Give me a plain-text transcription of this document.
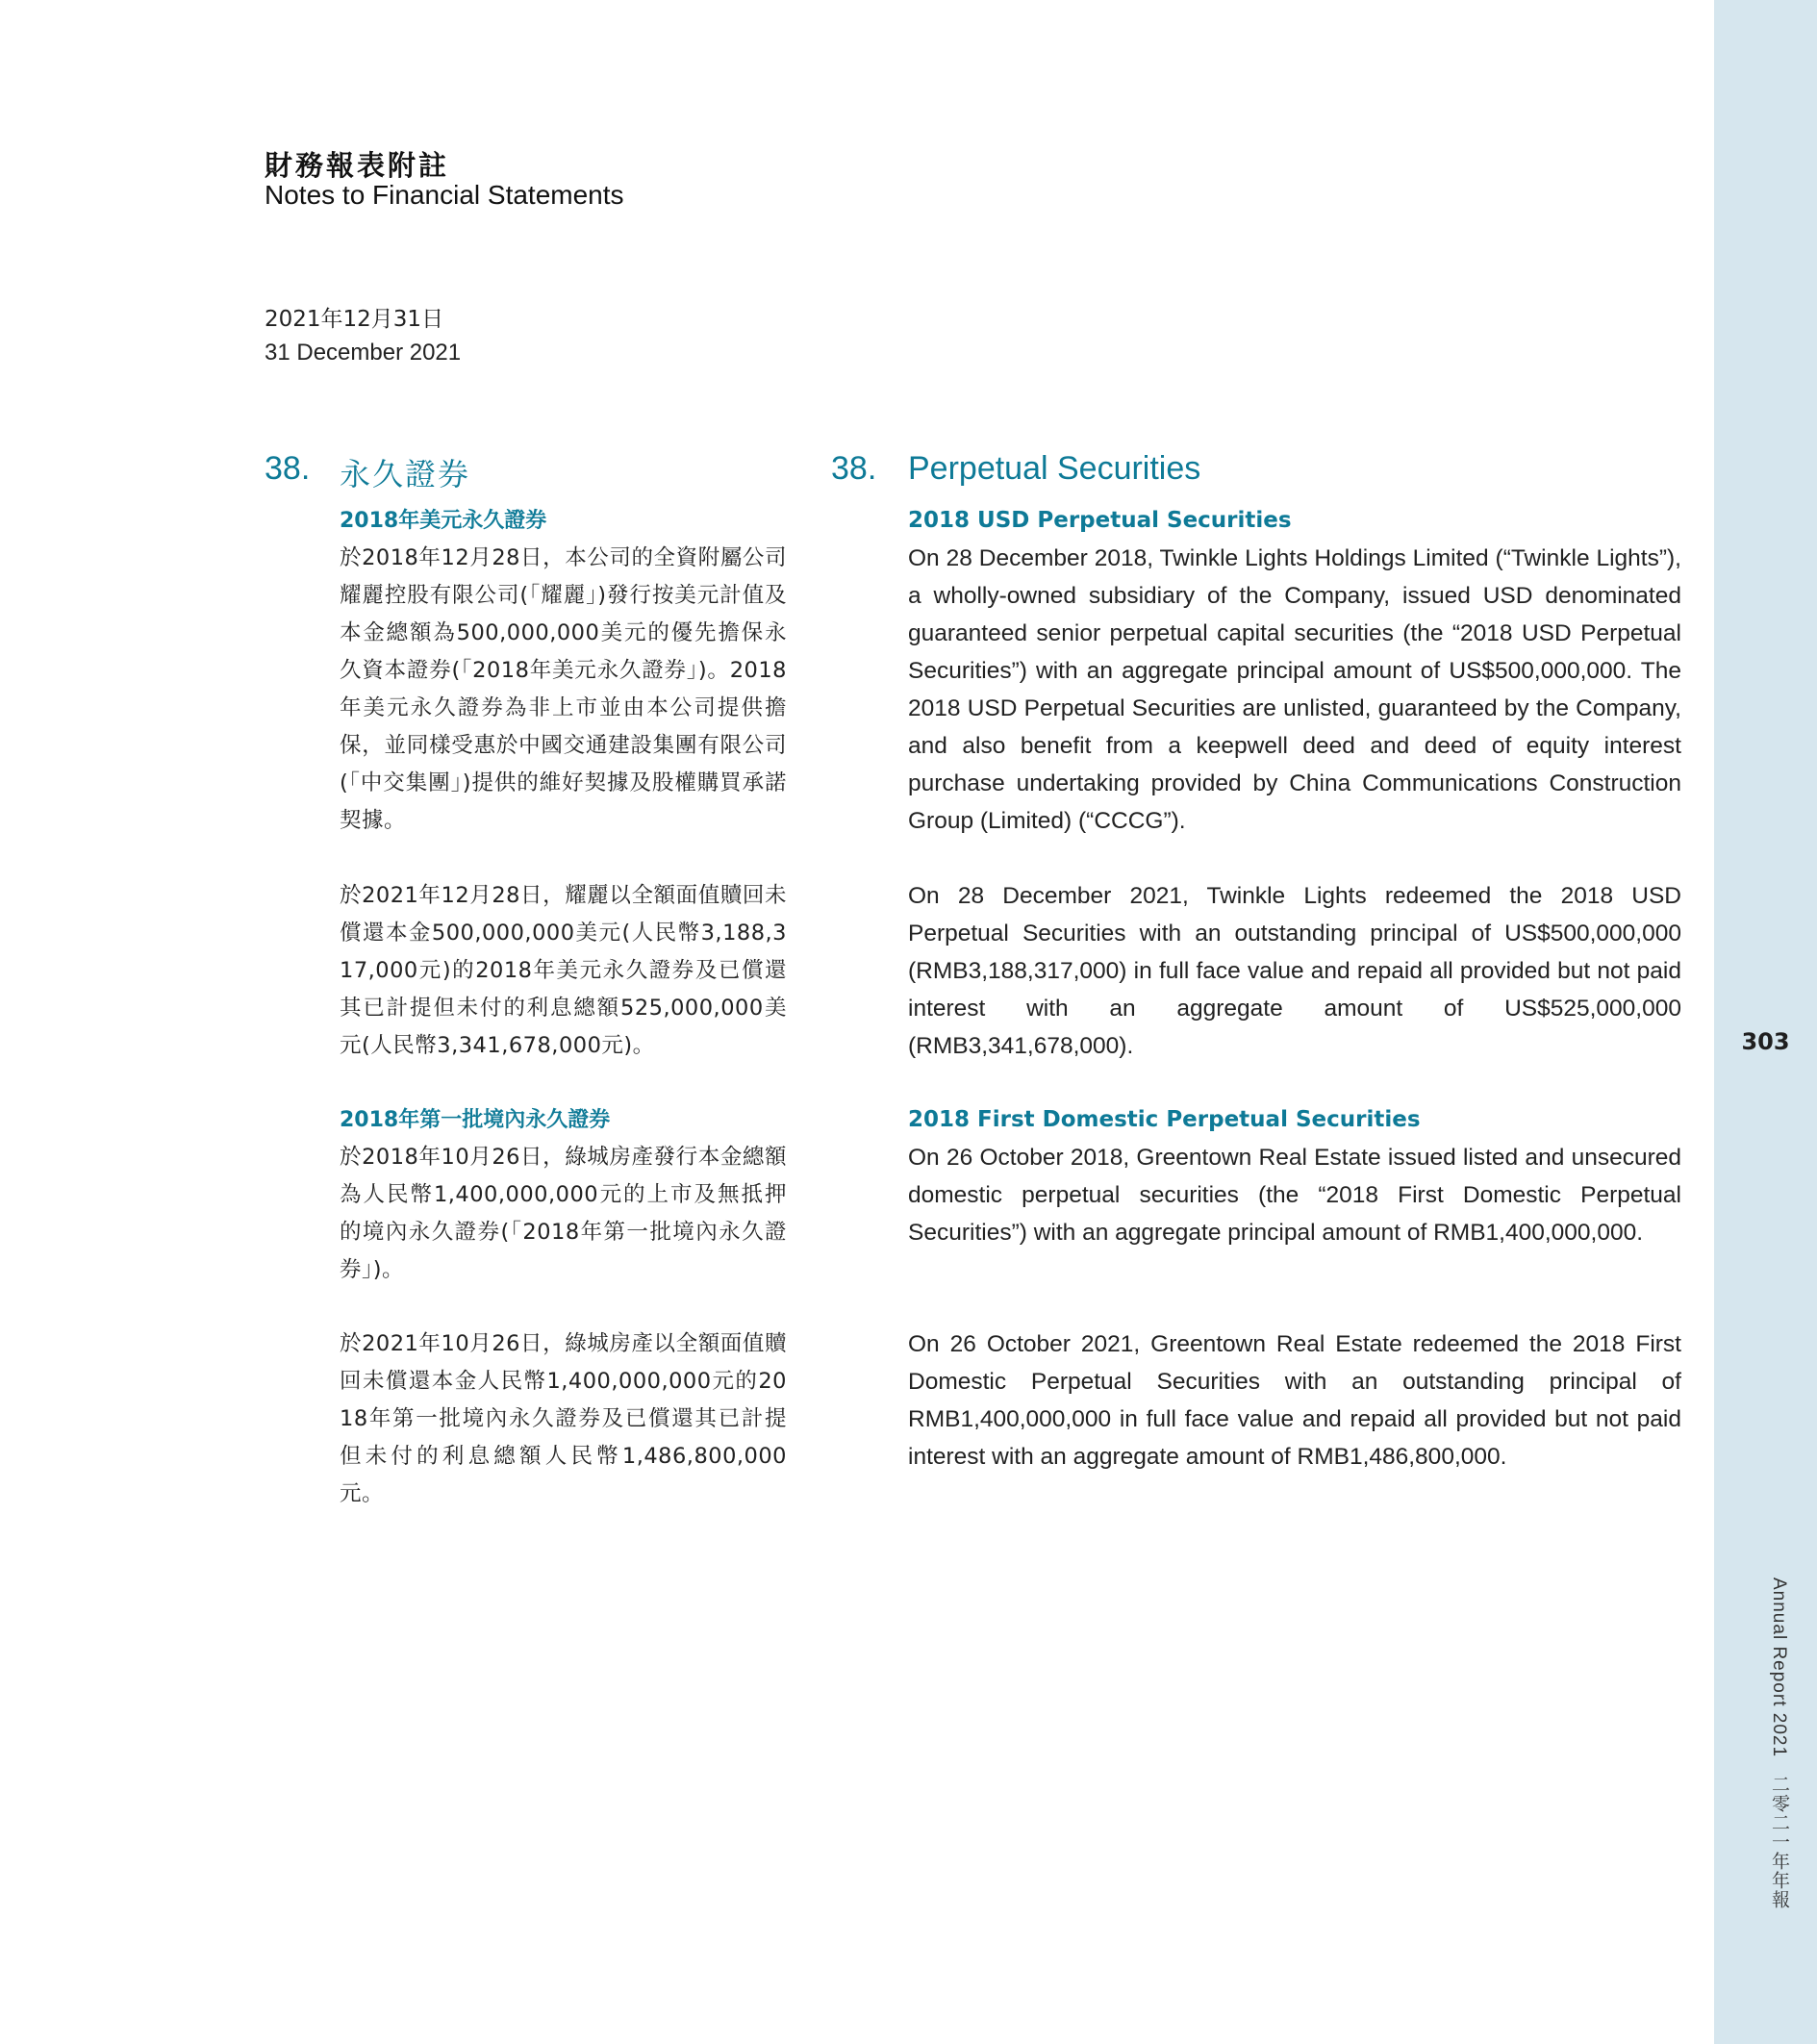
303
Annual Report 2021二零二一年年報
財務報表附註
Notes to Financial Statements
2021年12月31日
31 December 2021
38. 永久證券	38. Perpetual Securities
2018年美元永久證券

於2018年12月28日，本公司的全資附屬公司耀麗控股有限公司(「耀麗」)發行按美元計值及本金總額為500,000,000美元的優先擔保永久資本證券(「2018年美元永久證券」)。2018年美元永久證券為非上市並由本公司提供擔保，並同樣受惠於中國交通建設集團有限公司(「中交集團」)提供的維好契據及股權購買承諾契據。

於2021年12月28日，耀麗以全額面值贖回未償還本金500,000,000美元(人民幣3,188,317,000元)的2018年美元永久證券及已償還其已計提但未付的利息總額525,000,000美元(人民幣3,341,678,000元)。

2018年第一批境內永久證券

於2018年10月26日，綠城房產發行本金總額為人民幣1,400,000,000元的上市及無抵押的境內永久證券(「2018年第一批境內永久證券」)。

於2021年10月26日，綠城房產以全額面值贖回未償還本金人民幣1,400,000,000元的2018年第一批境內永久證券及已償還其已計提但未付的利息總額人民幣1,486,800,000元。

2018 USD Perpetual Securities

On 28 December 2018, Twinkle Lights Holdings Limited (“Twinkle Lights”), a wholly-owned subsidiary of the Company, issued USD denominated guaranteed senior perpetual capital securities (the “2018 USD Perpetual Securities”) with an aggregate principal amount of US$500,000,000. The 2018 USD Perpetual Securities are unlisted, guaranteed by the Company, and also benefit from a keepwell deed and deed of equity interest purchase undertaking provided by China Communications Construction Group (Limited) (“CCCG”).

On 28 December 2021, Twinkle Lights redeemed the 2018 USD Perpetual Securities with an outstanding principal of US$500,000,000 (RMB3,188,317,000) in full face value and repaid all provided but not paid interest with an aggregate amount of US$525,000,000 (RMB3,341,678,000).

2018 First Domestic Perpetual Securities

On 26 October 2018, Greentown Real Estate issued listed and unsecured domestic perpetual securities (the “2018 First Domestic Perpetual Securities”) with an aggregate principal amount of RMB1,400,000,000.

On 26 October 2021, Greentown Real Estate redeemed the 2018 First Domestic Perpetual Securities with an outstanding principal of RMB1,400,000,000 in full face value and repaid all provided but not paid interest with an aggregate amount of RMB1,486,800,000.
